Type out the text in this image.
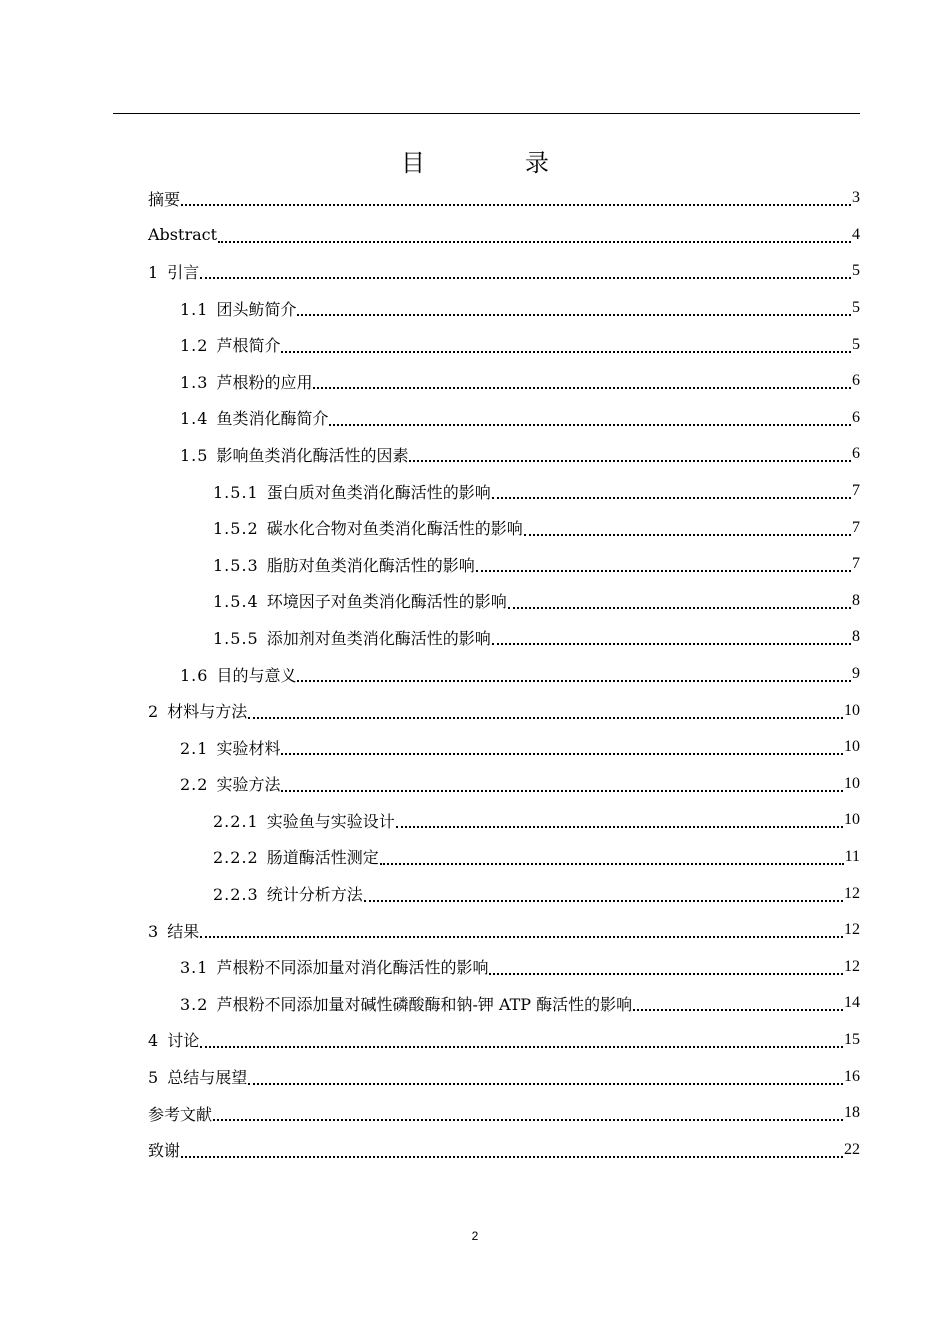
目　录
摘要	3
Abstract	4
1 引言	5
1.1 团头鲂简介	5
1.2 芦根简介	5
1.3 芦根粉的应用	6
1.4 鱼类消化酶简介	6
1.5 影响鱼类消化酶活性的因素	6
1.5.1 蛋白质对鱼类消化酶活性的影响	7
1.5.2 碳水化合物对鱼类消化酶活性的影响	7
1.5.3 脂肪对鱼类消化酶活性的影响	7
1.5.4 环境因子对鱼类消化酶活性的影响	8
1.5.5 添加剂对鱼类消化酶活性的影响	8
1.6 目的与意义	9
2 材料与方法	10
2.1 实验材料	10
2.2 实验方法	10
2.2.1 实验鱼与实验设计	10
2.2.2 肠道酶活性测定	11
2.2.3 统计分析方法	12
3 结果	12
3.1 芦根粉不同添加量对消化酶活性的影响	12
3.2 芦根粉不同添加量对碱性磷酸酶和钠-钾 ATP 酶活性的影响	14
4 讨论	15
5 总结与展望	16
参考文献	18
致谢	22
2
